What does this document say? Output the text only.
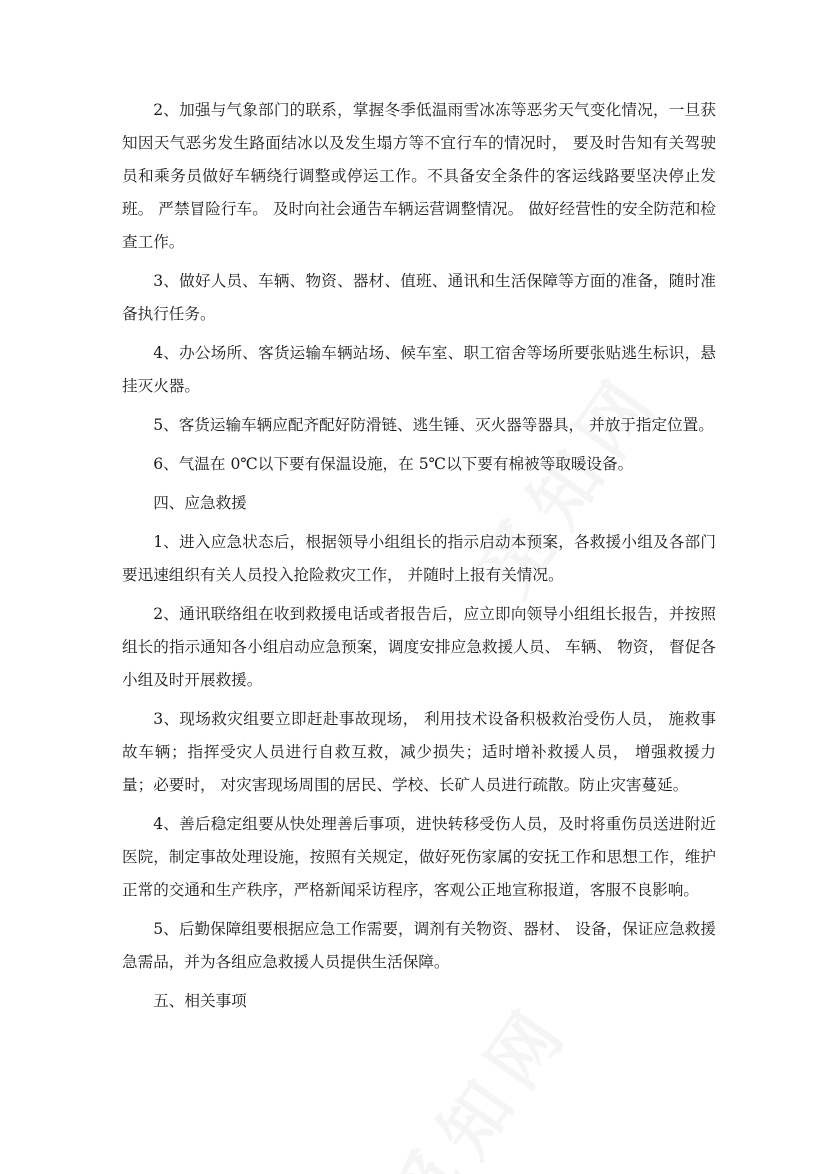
2、加强与气象部门的联系，掌握冬季低温雨雪冰冻等恶劣天气变化情况，一旦获知因天气恶劣发生路面结冰以及发生塌方等不宜行车的情况时， 要及时告知有关驾驶员和乘务员做好车辆绕行调整或停运工作。不具备安全条件的客运线路要坚决停止发班。 严禁冒险行车。 及时向社会通告车辆运营调整情况。 做好经营性的安全防范和检查工作。

3、做好人员、车辆、物资、器材、值班、通讯和生活保障等方面的准备，随时准备执行任务。

4、办公场所、客货运输车辆站场、候车室、职工宿舍等场所要张贴逃生标识，悬挂灭火器。

5、客货运输车辆应配齐配好防滑链、逃生锤、灭火器等器具， 并放于指定位置。

6、气温在 0℃以下要有保温设施，在 5℃以下要有棉被等取暖设备。

四、应急救援

1、进入应急状态后，根据领导小组组长的指示启动本预案，各救援小组及各部门要迅速组织有关人员投入抢险救灾工作， 并随时上报有关情况。

2、通讯联络组在收到救援电话或者报告后，应立即向领导小组组长报告，并按照组长的指示通知各小组启动应急预案，调度安排应急救援人员、 车辆、 物资， 督促各小组及时开展救援。

3、现场救灾组要立即赶赴事故现场， 利用技术设备积极救治受伤人员， 施救事故车辆；指挥受灾人员进行自救互救，减少损失；适时增补救援人员， 增强救援力量；必要时， 对灾害现场周围的居民、学校、长矿人员进行疏散。防止灾害蔓延。

4、善后稳定组要从快处理善后事项，进快转移受伤人员，及时将重伤员送进附近医院，制定事故处理设施，按照有关规定，做好死伤家属的安抚工作和思想工作，维护正常的交通和生产秩序，严格新闻采访程序，客观公正地宣称报道，客服不良影响。

5、后勤保障组要根据应急工作需要，调剂有关物资、器材、 设备，保证应急救援急需品，并为各组应急救援人员提供生活保障。

五、相关事项
